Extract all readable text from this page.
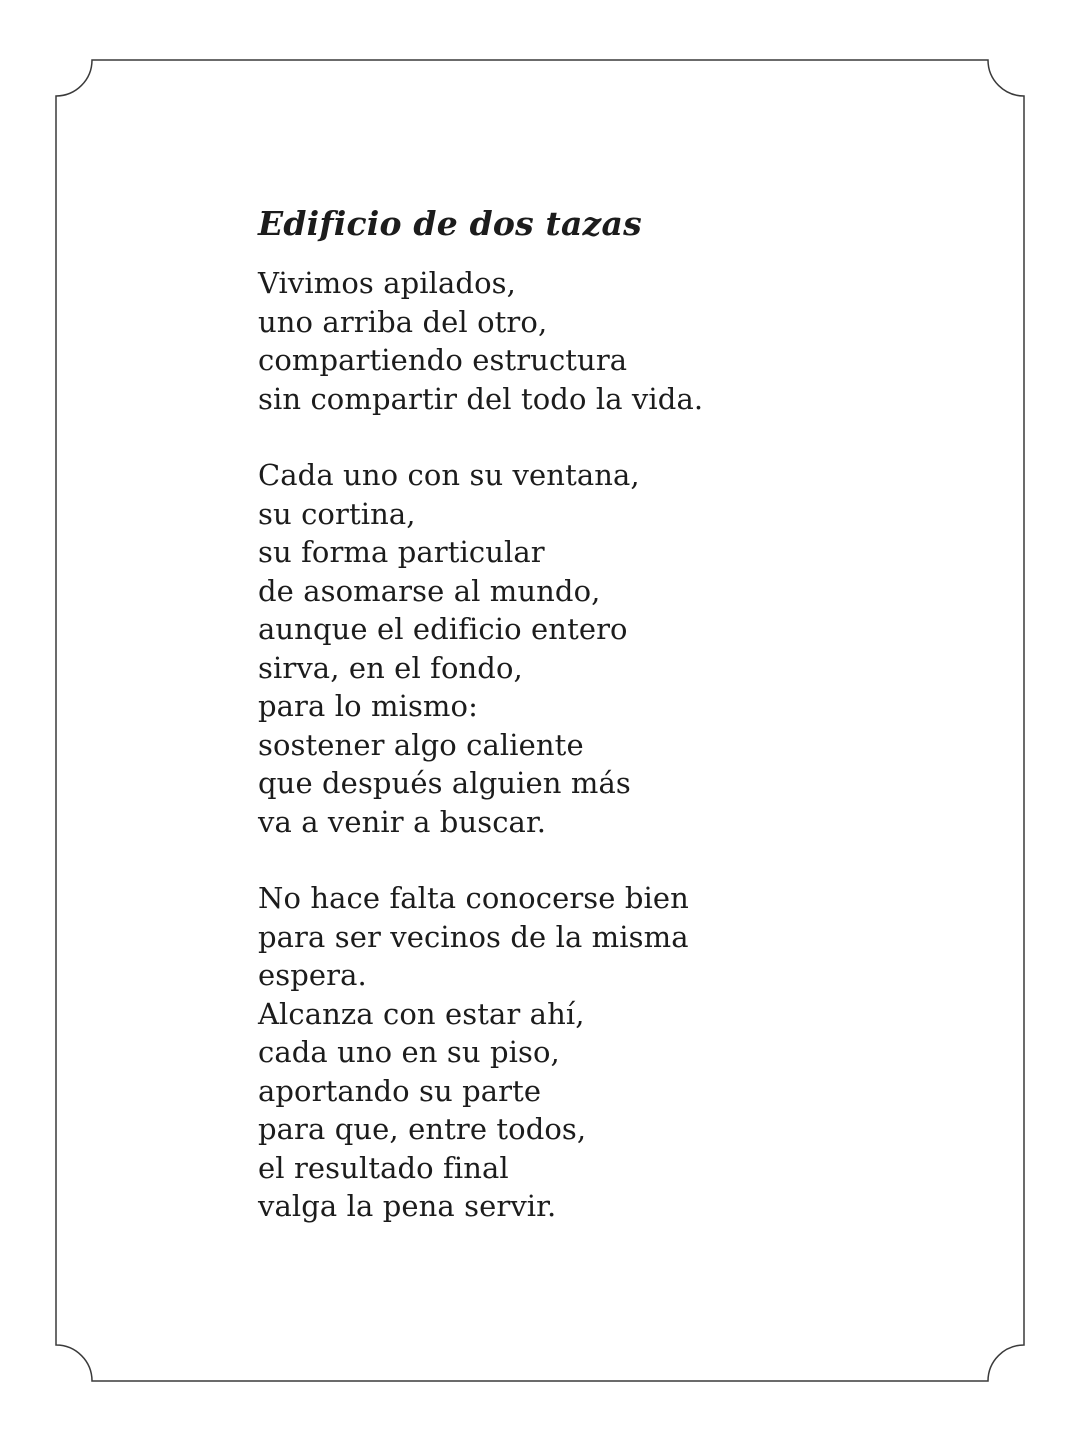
Edificio de dos tazas
Vivimos apilados,
uno arriba del otro,
compartiendo estructura
sin compartir del todo la vida.
Cada uno con su ventana,
su cortina,
su forma particular
de asomarse al mundo,
aunque el edificio entero
sirva, en el fondo,
para lo mismo:
sostener algo caliente
que después alguien más
va a venir a buscar.
No hace falta conocerse bien
para ser vecinos de la misma
espera.
Alcanza con estar ahí,
cada uno en su piso,
aportando su parte
para que, entre todos,
el resultado final
valga la pena servir.
